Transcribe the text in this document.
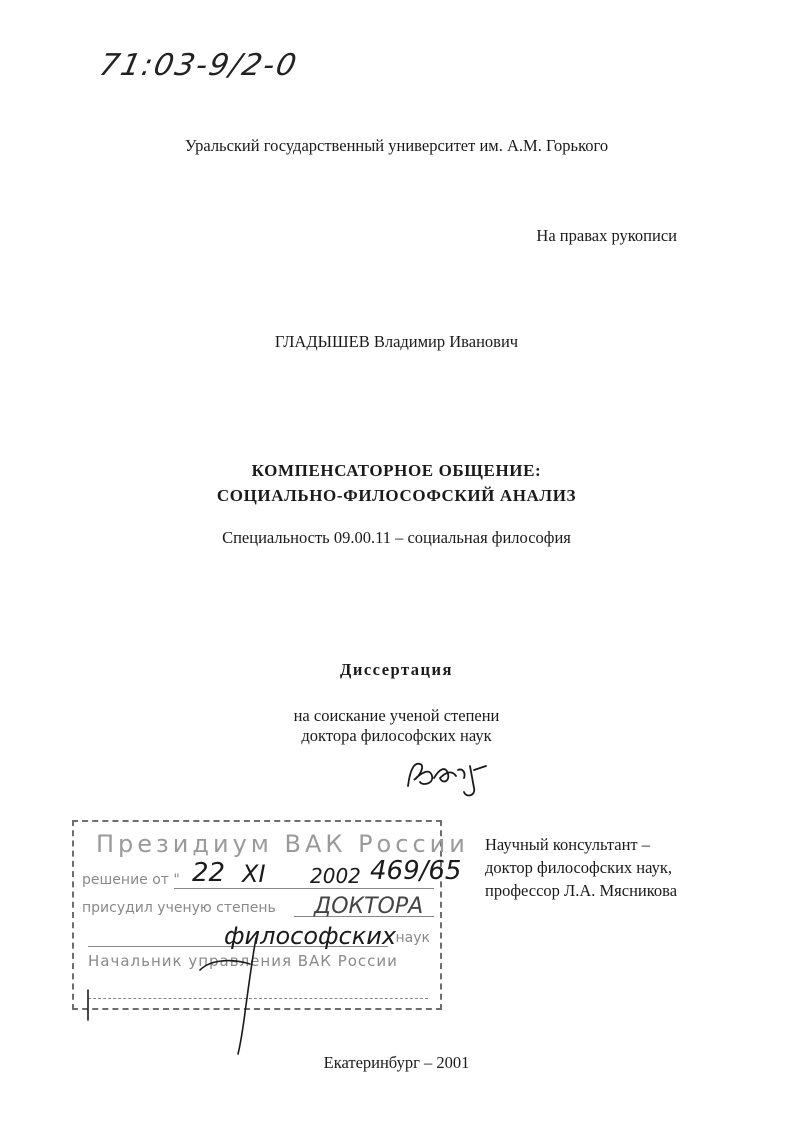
71:03-9/2-0
Уральский государственный университет им. А.М. Горького
На правах рукописи
ГЛАДЫШЕВ Владимир Иванович
КОМПЕНСАТОРНОЕ ОБЩЕНИЕ:
СОЦИАЛЬНО-ФИЛОСОФСКИЙ АНАЛИЗ
Специальность 09.00.11 – социальная философия
Диссертация
на соискание ученой степени
доктора философских наук
Президиум ВАК России
решение от "
присудил ученую степень
наук
Начальник управления ВАК России
22 XI 2002 469/65
ДОКТОРА
философских
Научный консультант –
доктор философских наук,
профессор Л.А. Мясникова
Екатеринбург – 2001
